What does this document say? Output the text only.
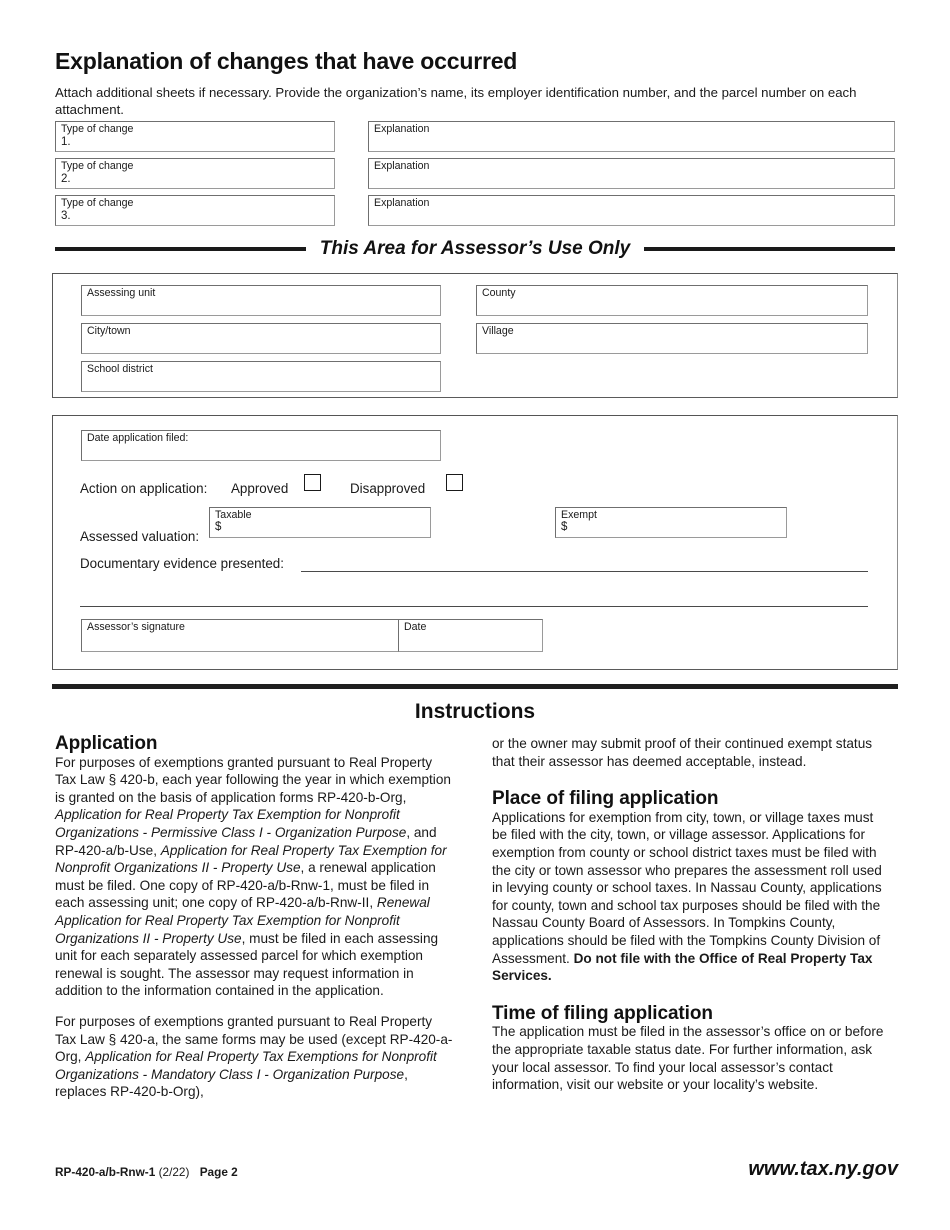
Explanation of changes that have occurred
Attach additional sheets if necessary. Provide the organization’s name, its employer identification number, and the parcel number on each attachment.
Type of change
1.
Explanation
Type of change
2.
Explanation
Type of change
3.
Explanation
This Area for Assessor’s Use Only
Assessing unit	County
City/town	Village
School district
Date application filed:
Action on application: Approved	Disapproved
Assessed valuation:
Taxable
$
Exempt
$
Documentary evidence presented:
Assessor’s signature	Date
Instructions
Application

For purposes of exemptions granted pursuant to Real Property Tax Law § 420-b, each year following the year in which exemption is granted on the basis of application forms RP-420-b-Org, Application for Real Property Tax Exemption for Nonprofit Organizations - Permissive Class I - Organization Purpose, and RP-420-a/b-Use, Application for Real Property Tax Exemption for Nonprofit Organizations II - Property Use, a renewal application must be filed. One copy of RP-420-a/b-Rnw-1, must be filed in each assessing unit; one copy of RP-420-a/b-Rnw-II, Renewal Application for Real Property Tax Exemption for Nonprofit Organizations II - Property Use, must be filed in each assessing unit for each separately assessed parcel for which exemption renewal is sought. The assessor may request information in addition to the information contained in the application.

For purposes of exemptions granted pursuant to Real Property Tax Law § 420-a, the same forms may be used (except RP-420-a-Org, Application for Real Property Tax Exemptions for Nonprofit Organizations - Mandatory Class I - Organization Purpose, replaces RP-420-b-Org),

or the owner may submit proof of their continued exempt status that their assessor has deemed acceptable, instead.

Place of filing application

Applications for exemption from city, town, or village taxes must be filed with the city, town, or village assessor. Applications for exemption from county or school district taxes must be filed with the city or town assessor who prepares the assessment roll used in levying county or school taxes. In Nassau County, applications for county, town and school tax purposes should be filed with the Nassau County Board of Assessors. In Tompkins County, applications should be filed with the Tompkins County Division of Assessment. Do not file with the Office of Real Property Tax Services.

Time of filing application

The application must be filed in the assessor’s office on or before the appropriate taxable status date. For further information, ask your local assessor. To find your local assessor’s contact information, visit our website or your locality’s website.

RP-420-a/b-Rnw-1 (2/22) Page 2	www.tax.ny.gov
